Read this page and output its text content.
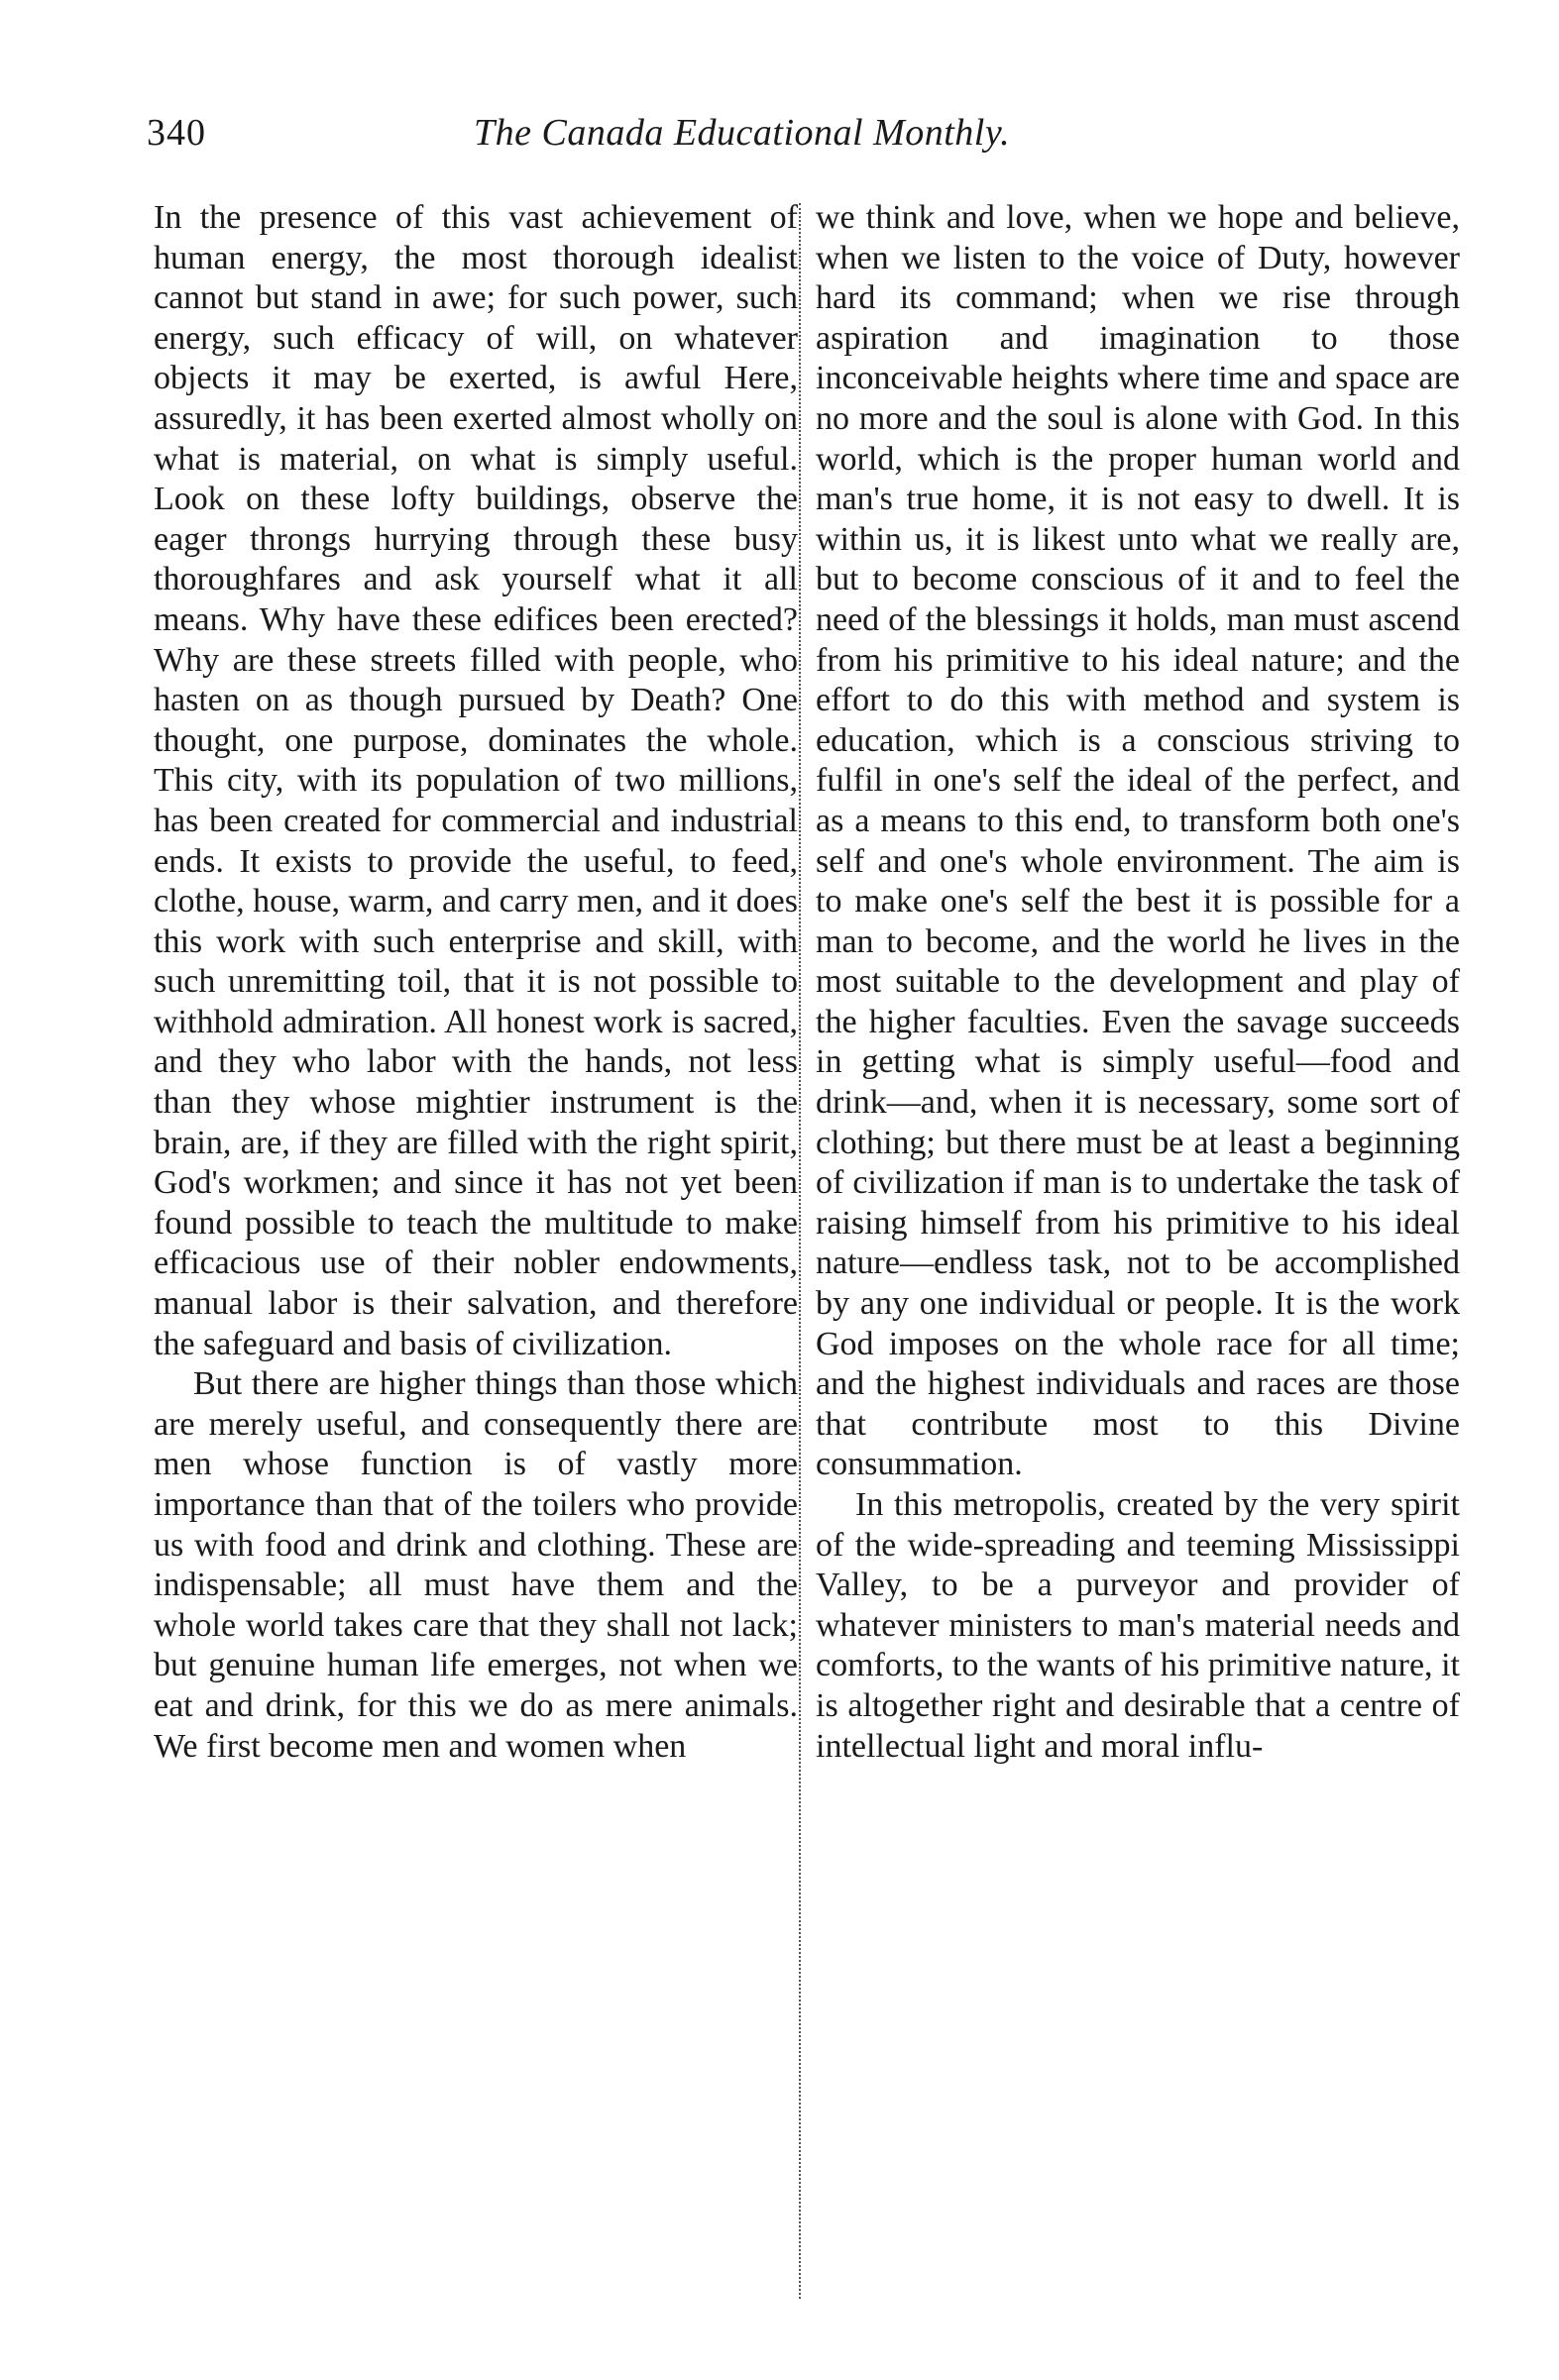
340	The Canada Educational Monthly.

In the presence of this vast achievement of human energy, the most thorough idealist cannot but stand in awe; for such power, such energy, such efficacy of will, on whatever objects it may be exerted, is awful Here, assuredly, it has been exerted almost wholly on what is material, on what is simply useful. Look on these lofty buildings, observe the eager throngs hurrying through these busy thoroughfares and ask yourself what it all means. Why have these edifices been erected? Why are these streets filled with people, who hasten on as though pursued by Death? One thought, one purpose, dominates the whole. This city, with its population of two millions, has been created for commercial and industrial ends. It exists to provide the useful, to feed, clothe, house, warm, and carry men, and it does this work with such enterprise and skill, with such unremitting toil, that it is not possible to withhold admiration. All honest work is sacred, and they who labor with the hands, not less than they whose mightier instrument is the brain, are, if they are filled with the right spirit, God's workmen; and since it has not yet been found possible to teach the multitude to make efficacious use of their nobler endowments, manual labor is their salvation, and therefore the safeguard and basis of civilization.

But there are higher things than those which are merely useful, and consequently there are men whose function is of vastly more importance than that of the toilers who provide us with food and drink and clothing. These are indispensable; all must have them and the whole world takes care that they shall not lack; but genuine human life emerges, not when we eat and drink, for this we do as mere animals. We first become men and women when

we think and love, when we hope and believe, when we listen to the voice of Duty, however hard its command; when we rise through aspiration and imagination to those inconceivable heights where time and space are no more and the soul is alone with God. In this world, which is the proper human world and man's true home, it is not easy to dwell. It is within us, it is likest unto what we really are, but to become conscious of it and to feel the need of the blessings it holds, man must ascend from his primitive to his ideal nature; and the effort to do this with method and system is education, which is a conscious striving to fulfil in one's self the ideal of the perfect, and as a means to this end, to transform both one's self and one's whole environment. The aim is to make one's self the best it is possible for a man to become, and the world he lives in the most suitable to the development and play of the higher faculties. Even the savage succeeds in getting what is simply useful—food and drink—and, when it is necessary, some sort of clothing; but there must be at least a beginning of civilization if man is to undertake the task of raising himself from his primitive to his ideal nature—endless task, not to be accomplished by any one individual or people. It is the work God imposes on the whole race for all time; and the highest individuals and races are those that contribute most to this Divine consummation.

In this metropolis, created by the very spirit of the wide-spreading and teeming Mississippi Valley, to be a purveyor and provider of whatever ministers to man's material needs and comforts, to the wants of his primitive nature, it is altogether right and desirable that a centre of intellectual light and moral influ-
